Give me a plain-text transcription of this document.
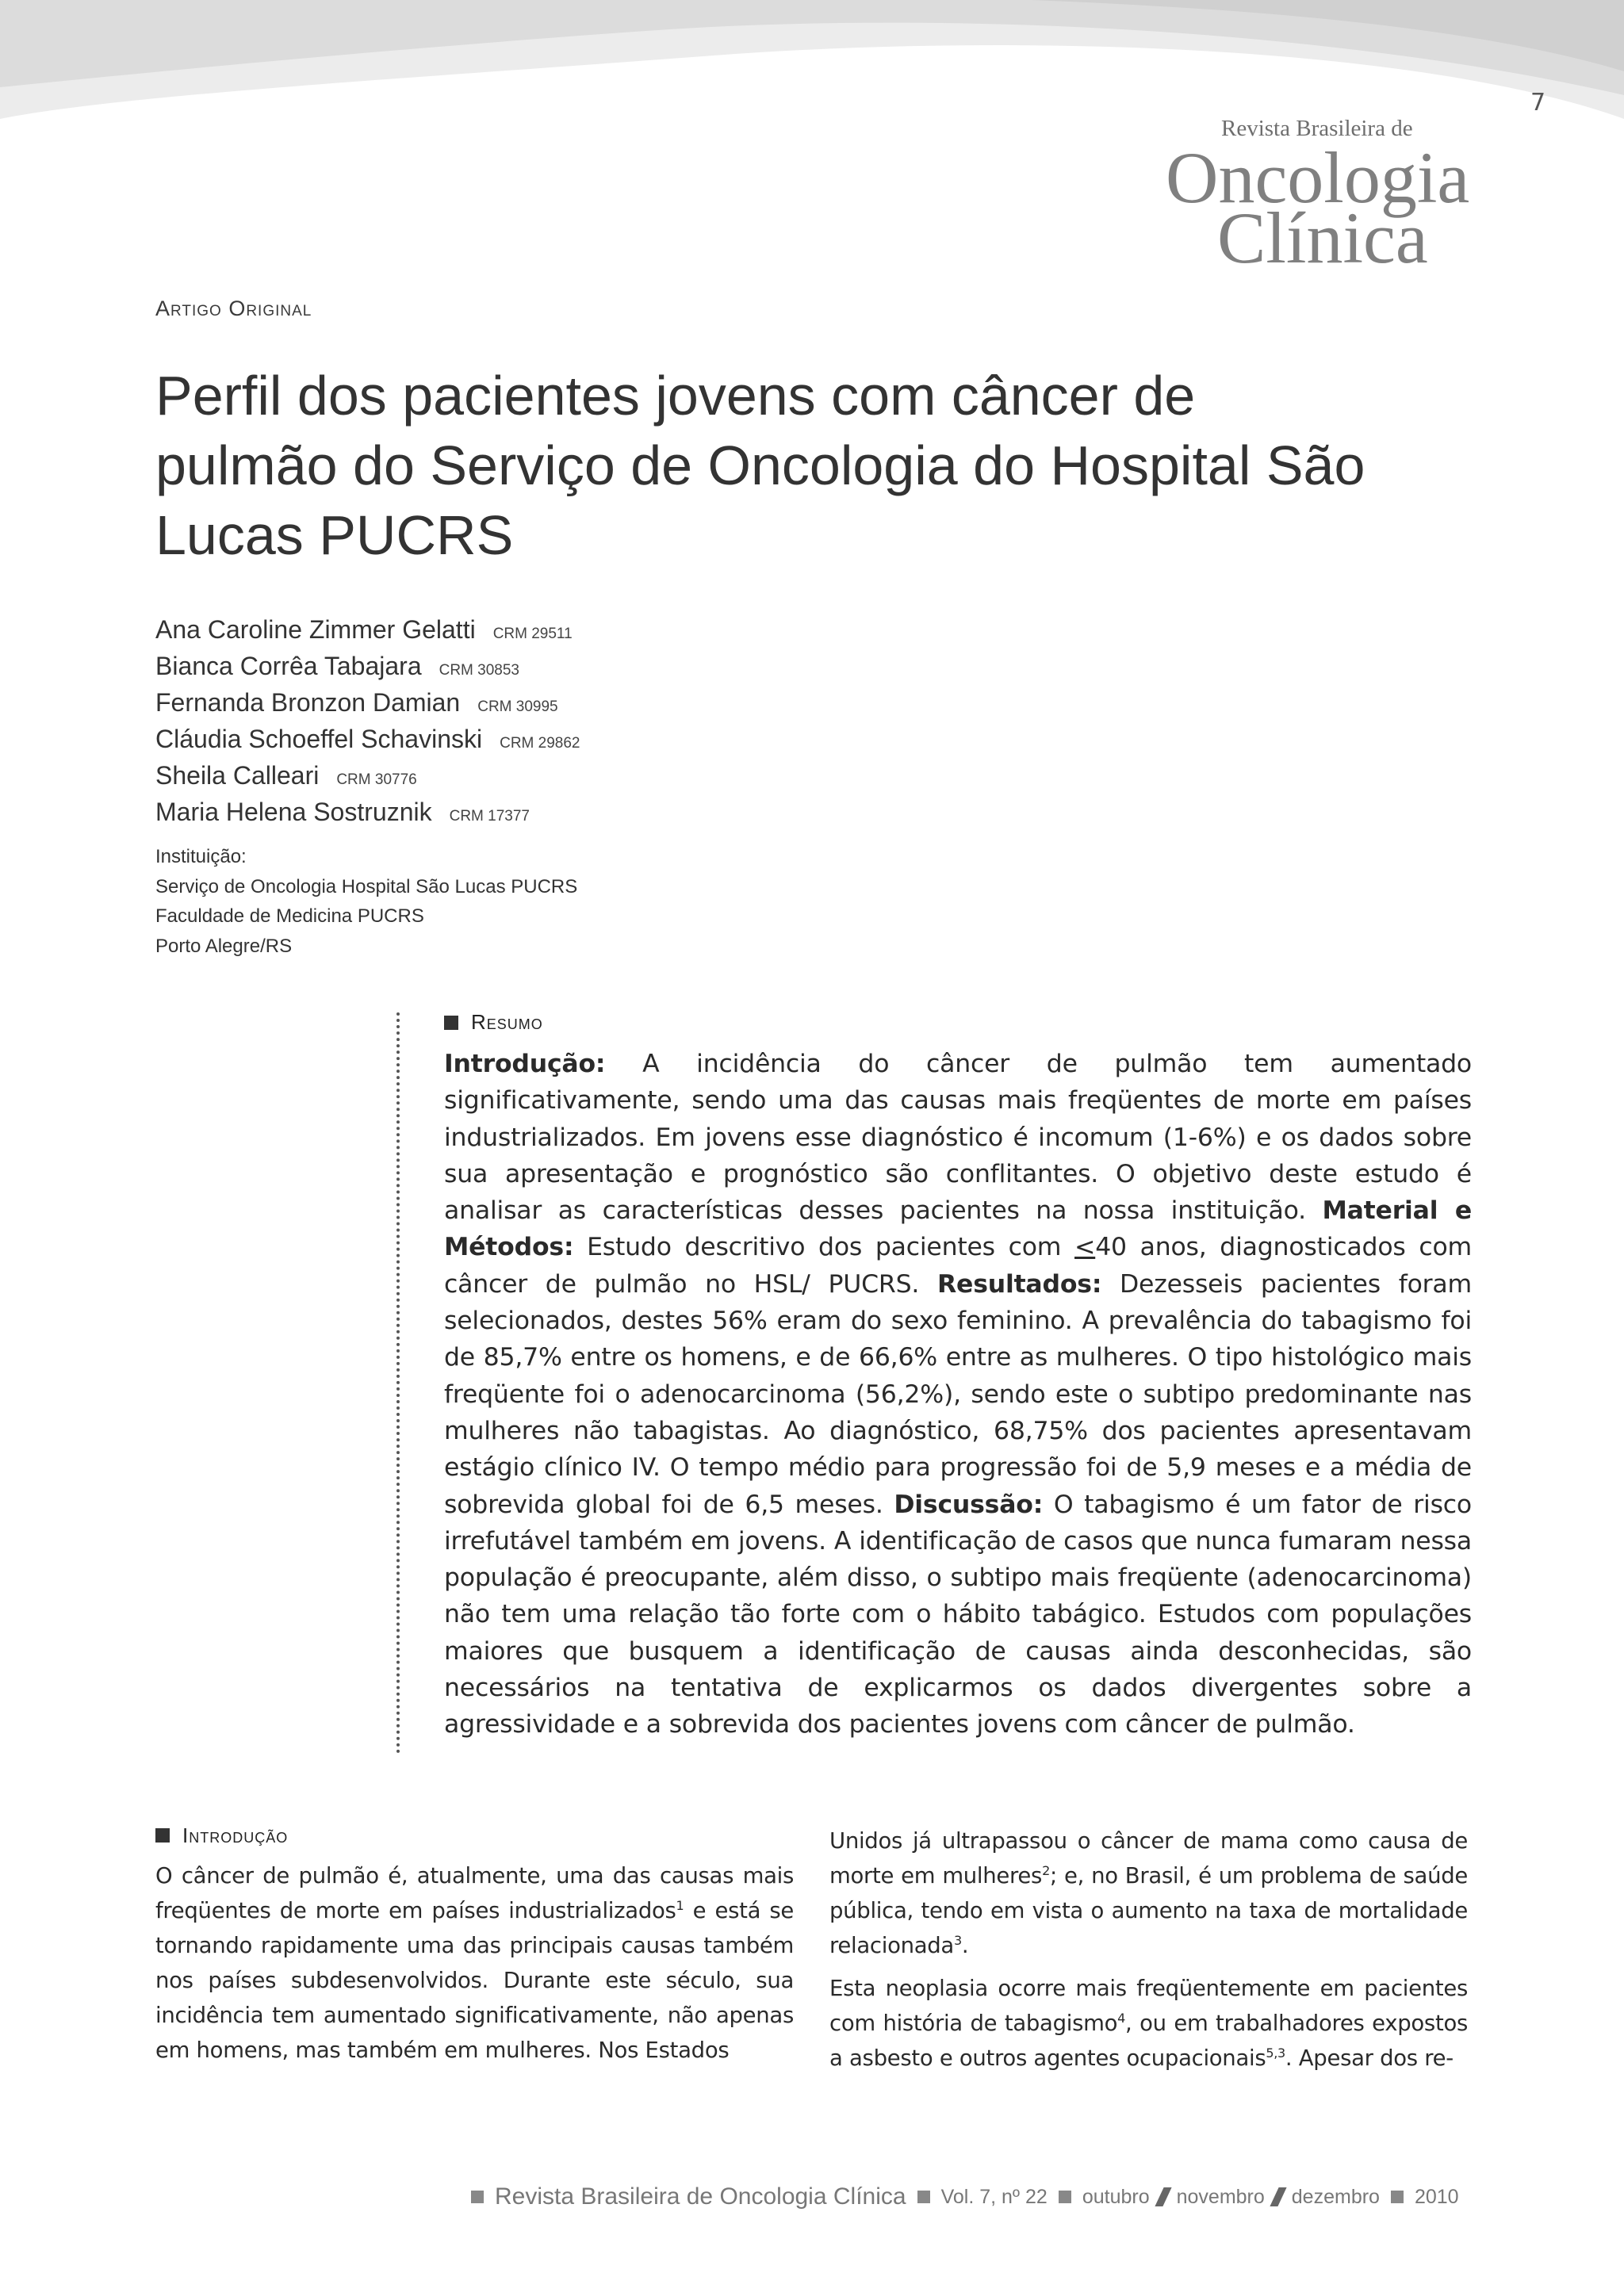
7
Revista Brasileira de
Oncologia
Clínica
Artigo Original
Perfil dos pacientes jovens com câncer de pulmão do Serviço de Oncologia do Hospital São Lucas PUCRS
Ana Caroline Zimmer Gelatti CRM 29511
Bianca Corrêa Tabajara CRM 30853
Fernanda Bronzon Damian CRM 30995
Cláudia Schoeffel Schavinski CRM 29862
Sheila Calleari CRM 30776
Maria Helena Sostruznik CRM 17377
Instituição:
Serviço de Oncologia Hospital São Lucas PUCRS
Faculdade de Medicina PUCRS
Porto Alegre/RS
Resumo
Introdução: A incidência do câncer de pulmão tem aumentado significativamente, sendo uma das causas mais freqüentes de morte em países industrializados. Em jovens esse diagnóstico é incomum (1-6%) e os dados sobre sua apresentação e prognóstico são conflitantes. O objetivo deste estudo é analisar as características desses pacientes na nossa instituição. Material e Métodos: Estudo descritivo dos pacientes com ≤40 anos, diagnosticados com câncer de pulmão no HSL/ PUCRS. Resultados: Dezesseis pacientes foram selecionados, destes 56% eram do sexo feminino. A prevalência do tabagismo foi de 85,7% entre os homens, e de 66,6% entre as mulheres. O tipo histológico mais freqüente foi o adenocarcinoma (56,2%), sendo este o subtipo predominante nas mulheres não tabagistas. Ao diagnóstico, 68,75% dos pacientes apresentavam estágio clínico IV. O tempo médio para progressão foi de 5,9 meses e a média de sobrevida global foi de 6,5 meses. Discussão: O tabagismo é um fator de risco irrefutável também em jovens. A identificação de casos que nunca fumaram nessa população é preocupante, além disso, o subtipo mais freqüente (adenocarcinoma) não tem uma relação tão forte com o hábito tabágico. Estudos com populações maiores que busquem a identificação de causas ainda desconhecidas, são necessários na tentativa de explicarmos os dados divergentes sobre a agressividade e a sobrevida dos pacientes jovens com câncer de pulmão.
Introdução

O câncer de pulmão é, atualmente, uma das causas mais freqüentes de morte em países industrializados$^1$ e está se tornando rapidamente uma das principais causas também nos países subdesenvolvidos. Durante este século, sua incidência tem aumentado significativamente, não apenas em homens, mas também em mulheres. Nos Estados

Unidos já ultrapassou o câncer de mama como causa de morte em mulheres$^2$; e, no Brasil, é um problema de saúde pública, tendo em vista o aumento na taxa de mortalidade relacionada$^3$.

Esta neoplasia ocorre mais freqüentemente em pacientes com história de tabagismo$^4$, ou em trabalhadores expostos a asbesto e outros agentes ocupacionais$^{5,3}$. Apesar dos re-

Revista Brasileira de Oncologia Clínica Vol. 7, nº 22 outubro novembro dezembro 2010
